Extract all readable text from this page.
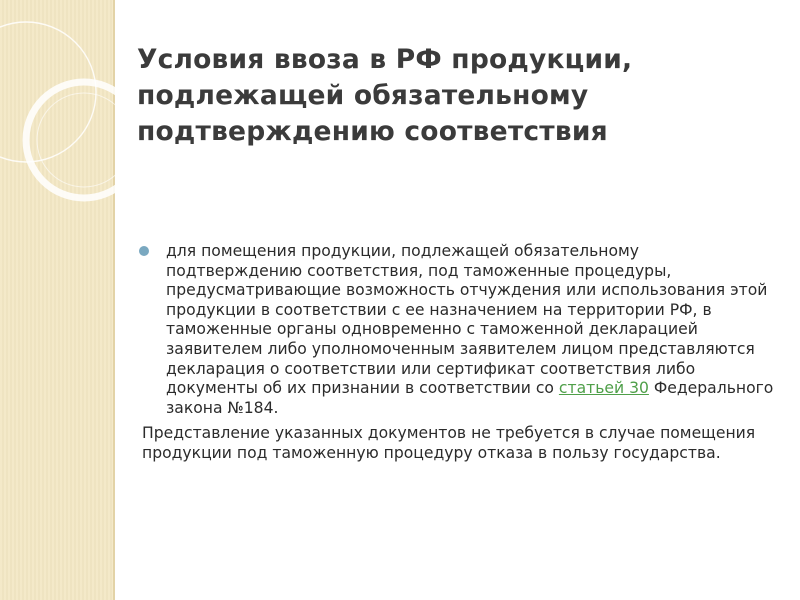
Условия ввоза в РФ продукции, подлежащей обязательному подтверждению соответствия
для помещения продукции, подлежащей обязательному подтверждению соответствия, под таможенные процедуры, предусматривающие возможность отчуждения или использования этой продукции в соответствии с ее назначением на территории РФ, в таможенные органы одновременно с таможенной декларацией заявителем либо уполномоченным заявителем лицом представляются декларация о соответствии или сертификат соответствия либо документы об их признании в соответствии со статьей 30 Федерального закона №184.
Представление указанных документов не требуется в случае помещения продукции под таможенную процедуру отказа в пользу государства.
